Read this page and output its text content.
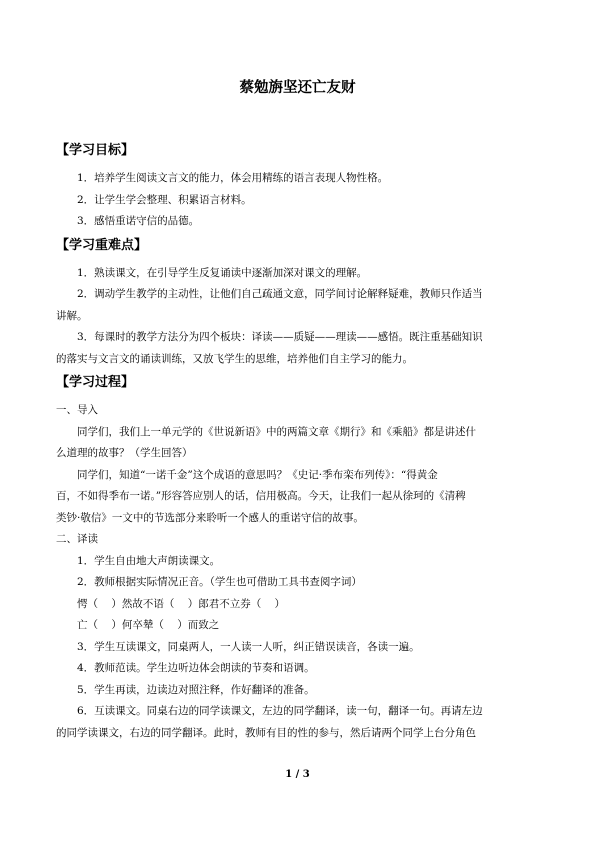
蔡勉旃坚还亡友财
【学习目标】
1．培养学生阅读文言文的能力，体会用精练的语言表现人物性格。
2．让学生学会整理、积累语言材料。
3．感悟重诺守信的品德。
【学习重难点】
1．熟读课文，在引导学生反复诵读中逐渐加深对课文的理解。
2．调动学生教学的主动性，让他们自己疏通文意，同学间讨论解释疑难，教师只作适当
讲解。
3．每课时的教学方法分为四个板块：译读——质疑——理读——感悟。既注重基础知识
的落实与文言文的诵读训练，又放飞学生的思维，培养他们自主学习的能力。
【学习过程】
一、导入
同学们，我们上一单元学的《世说新语》中的两篇文章《期行》和《乘船》都是讲述什
么道理的故事？（学生回答）
同学们，知道“一诺千金”这个成语的意思吗？《史记·季布栾布列传》：“得黄金
百，不如得季布一诺。”形容答应别人的话，信用极高。今天，让我们一起从徐珂的《清稗
类钞·敬信》一文中的节选部分来聆听一个感人的重诺守信的故事。
二、译读
1．学生自由地大声朗读课文。
2．教师根据实际情况正音。（学生也可借助工具书查阅字词）
愕（    ）然故不语（    ）郎君不立券（    ）
亡（    ）何卒辇（    ）而致之
3．学生互读课文，同桌两人，一人读一人听，纠正错误读音，各读一遍。
4．教师范读。学生边听边体会朗读的节奏和语调。
5．学生再读，边读边对照注释，作好翻译的准备。
6．互读课文。同桌右边的同学读课文，左边的同学翻译，读一句，翻译一句。再请左边
的同学读课文，右边的同学翻译。此时，教师有目的性的参与，然后请两个同学上台分角色
1 / 3
